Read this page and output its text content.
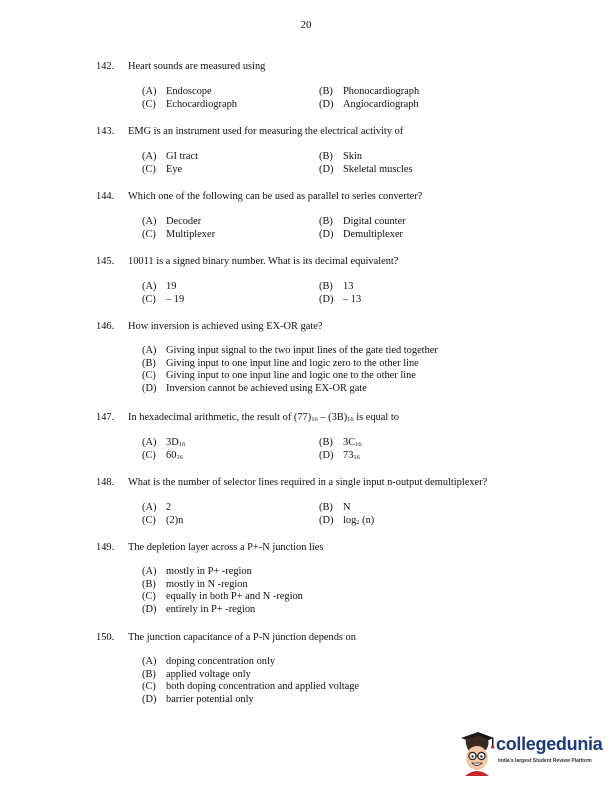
20
142. Heart sounds are measured using
(A) Endoscope	(B) Phonocardiograph
(C) Echocardiograph	(D) Angiocardiograph
143. EMG is an instrument used for measuring the electrical activity of
(A) GI tract	(B) Skin
(C) Eye	(D) Skeletal muscles
144. Which one of the following can be used as parallel to series converter?
(A) Decoder	(B) Digital counter
(C) Multiplexer	(D) Demultiplexer
145. 10011 is a signed binary number. What is its decimal equivalent?
(A) 19	(B) 13
(C) – 19	(D) – 13
146. How inversion is achieved using EX-OR gate?
(A) Giving input signal to the two input lines of the gate tied together
(B) Giving input to one input line and logic zero to the other line
(C) Giving input to one input line and logic one to the other line
(D) Inversion cannot be achieved using EX-OR gate
147. In hexadecimal arithmetic, the result of $(77)_{16} - (3B)_{16}$ is equal to
(A) $3D_{16}$	(B) $3C_{16}$
(C) $60_{16}$	(D) $73_{16}$
148. What is the number of selector lines required in a single input n-output demultiplexer?
(A) 2	(B) N
(C) (2)n	(D) $\log_2 (n)$
149. The depletion layer across a P+-N junction lies
(A) mostly in P+ -region
(B) mostly in N -region
(C) equally in both P+ and N -region
(D) entirely in P+ -region
150. The junction capacitance of a P-N junction depends on
(A) doping concentration only
(B) applied voltage only
(C) both doping concentration and applied voltage
(D) barrier potential only
collegedunia
India's largest Student Review Platform
